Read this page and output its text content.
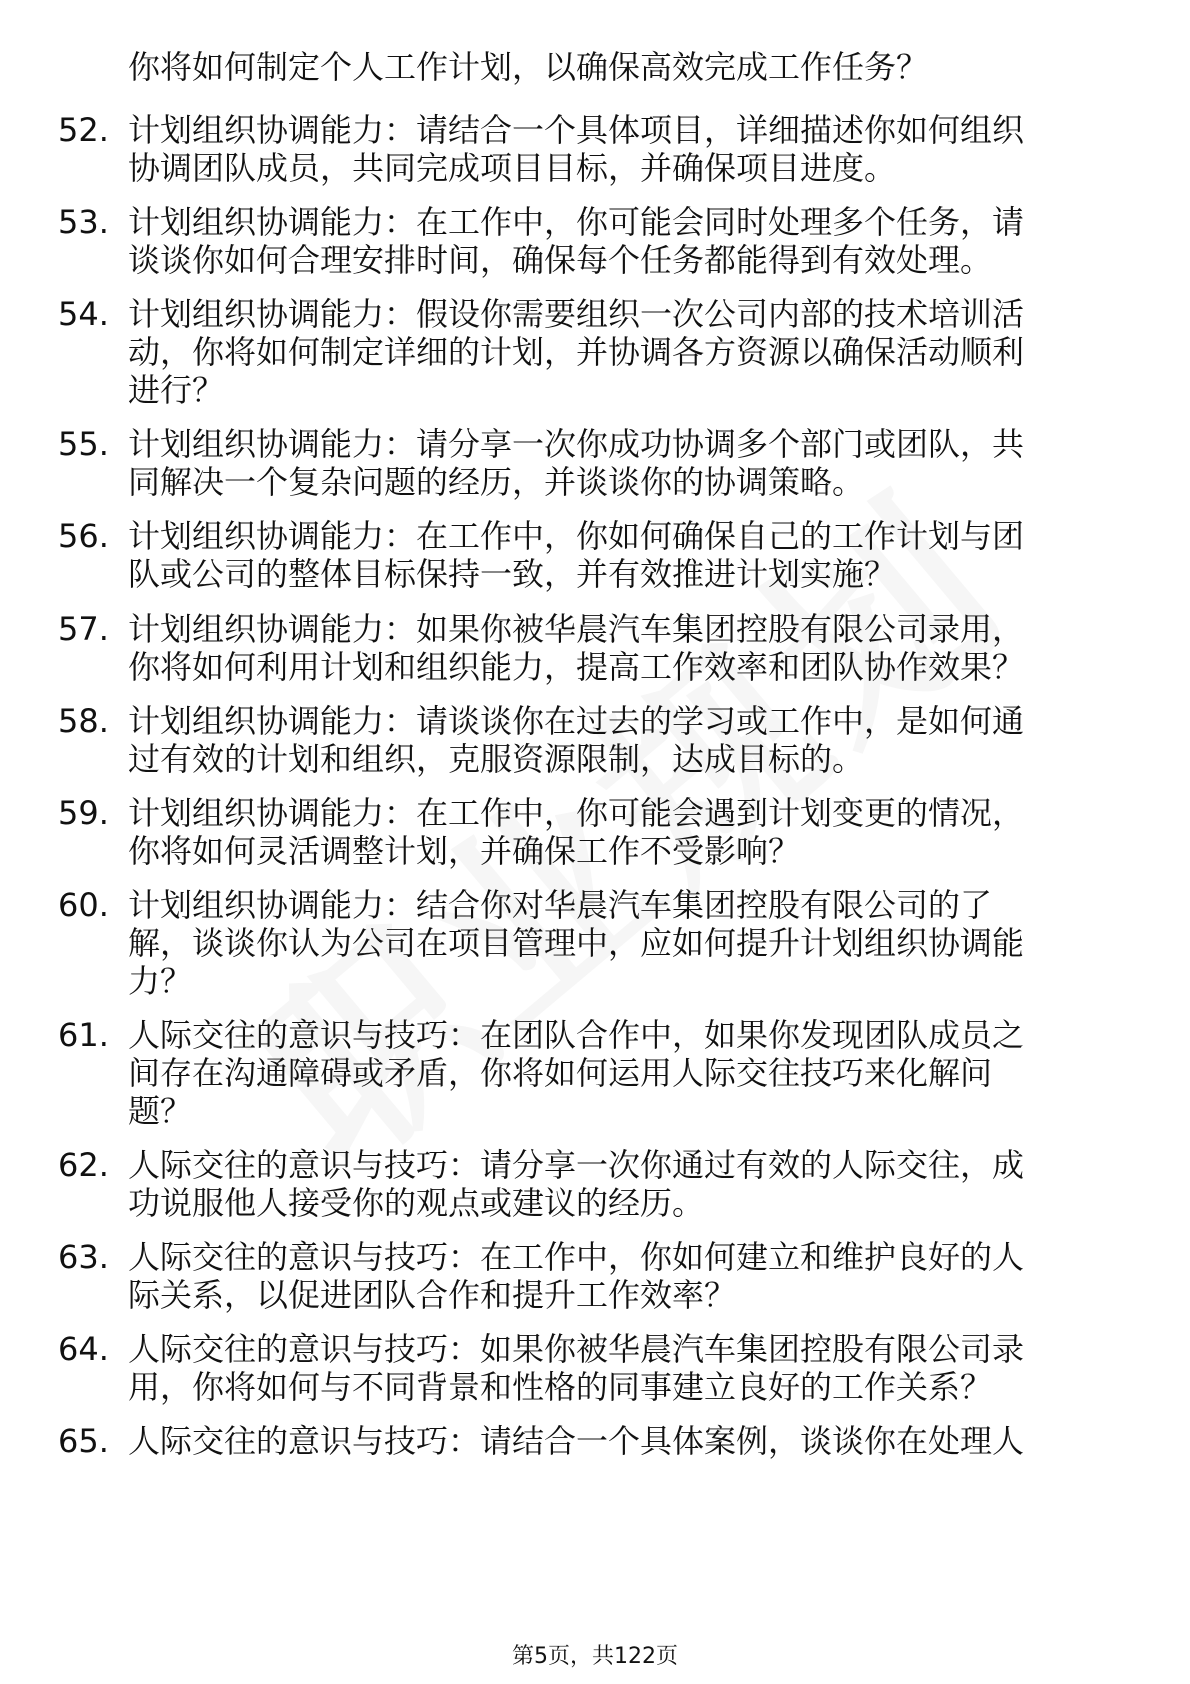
你将如何制定个人工作计划，以确保高效完成工作任务？
52. 计划组织协调能力：请结合一个具体项目，详细描述你如何组织
协调团队成员，共同完成项目目标，并确保项目进度。
53. 计划组织协调能力：在工作中，你可能会同时处理多个任务，请
谈谈你如何合理安排时间，确保每个任务都能得到有效处理。
54. 计划组织协调能力：假设你需要组织一次公司内部的技术培训活
动，你将如何制定详细的计划，并协调各方资源以确保活动顺利
进行？
55. 计划组织协调能力：请分享一次你成功协调多个部门或团队，共
同解决一个复杂问题的经历，并谈谈你的协调策略。
56. 计划组织协调能力：在工作中，你如何确保自己的工作计划与团
队或公司的整体目标保持一致，并有效推进计划实施？
57. 计划组织协调能力：如果你被华晨汽车集团控股有限公司录用，
你将如何利用计划和组织能力，提高工作效率和团队协作效果？
58. 计划组织协调能力：请谈谈你在过去的学习或工作中，是如何通
过有效的计划和组织，克服资源限制，达成目标的。
59. 计划组织协调能力：在工作中，你可能会遇到计划变更的情况，
你将如何灵活调整计划，并确保工作不受影响？
60. 计划组织协调能力：结合你对华晨汽车集团控股有限公司的了
解，谈谈你认为公司在项目管理中，应如何提升计划组织协调能
力？
61. 人际交往的意识与技巧：在团队合作中，如果你发现团队成员之
间存在沟通障碍或矛盾，你将如何运用人际交往技巧来化解问
题？
62. 人际交往的意识与技巧：请分享一次你通过有效的人际交往，成
功说服他人接受你的观点或建议的经历。
63. 人际交往的意识与技巧：在工作中，你如何建立和维护良好的人
际关系，以促进团队合作和提升工作效率？
64. 人际交往的意识与技巧：如果你被华晨汽车集团控股有限公司录
用，你将如何与不同背景和性格的同事建立良好的工作关系？
65. 人际交往的意识与技巧：请结合一个具体案例，谈谈你在处理人
第5页，共122页
